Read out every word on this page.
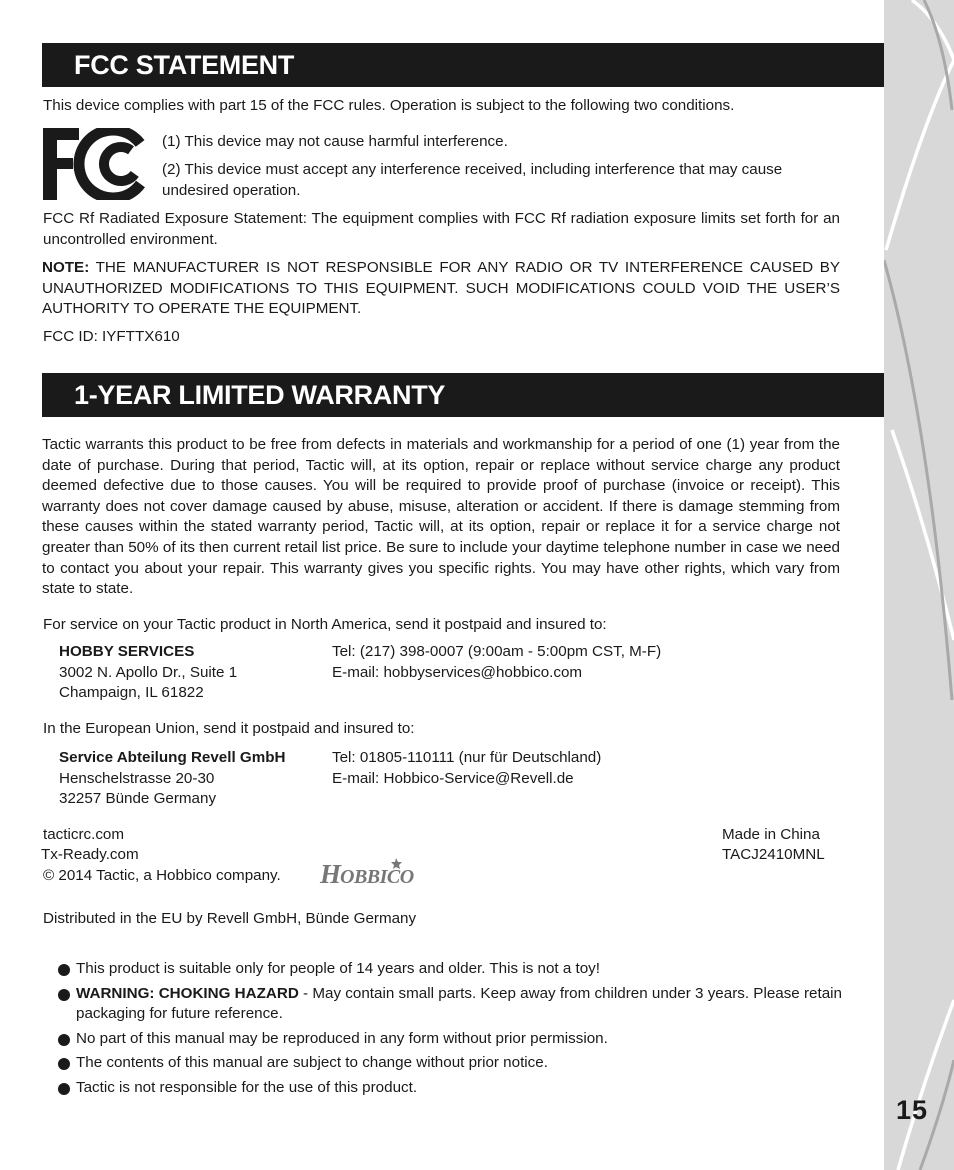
FCC STATEMENT
This device complies with part 15 of the FCC rules. Operation is subject to the following two conditions.
(1) This device may not cause harmful interference.
(2) This device must accept any interference received, including interference that may cause undesired operation.
FCC Rf Radiated Exposure Statement: The equipment complies with FCC Rf radiation exposure limits set forth for an uncontrolled environment.
NOTE: THE MANUFACTURER IS NOT RESPONSIBLE FOR ANY RADIO OR TV INTERFERENCE CAUSED BY UNAUTHORIZED MODIFICATIONS TO THIS EQUIPMENT. SUCH MODIFICATIONS COULD VOID THE USER’S AUTHORITY TO OPERATE THE EQUIPMENT.
FCC ID: IYFTTX610
1-YEAR LIMITED WARRANTY
Tactic warrants this product to be free from defects in materials and workmanship for a period of one (1) year from the date of purchase. During that period, Tactic will, at its option, repair or replace without service charge any product deemed defective due to those causes. You will be required to provide proof of purchase (invoice or receipt). This warranty does not cover damage caused by abuse, misuse, alteration or accident. If there is damage stemming from these causes within the stated warranty period, Tactic will, at its option, repair or replace it for a service charge not greater than 50% of its then current retail list price. Be sure to include your daytime telephone number in case we need to contact you about your repair. This warranty gives you specific rights. You may have other rights, which vary from state to state.
For service on your Tactic product in North America, send it postpaid and insured to:
HOBBY SERVICES
3002 N. Apollo Dr., Suite 1
Champaign, IL 61822
Tel: (217) 398-0007 (9:00am - 5:00pm CST, M-F)
E-mail: hobbyservices@hobbico.com
In the European Union, send it postpaid and insured to:
Service Abteilung Revell GmbH
Henschelstrasse 20-30
32257 Bünde Germany
Tel: 01805-110111 (nur für Deutschland)
E-mail: Hobbico-Service@Revell.de
tacticrc.com
Tx-Ready.com
© 2014 Tactic, a Hobbico company. H OBBICO
Made in China
TACJ2410MNL
Distributed in the EU by Revell GmbH, Bünde Germany
This product is suitable only for people of 14 years and older. This is not a toy!
WARNING: CHOKING HAZARD - May contain small parts. Keep away from children under 3 years. Please retain packaging for future reference.
No part of this manual may be reproduced in any form without prior permission.
The contents of this manual are subject to change without prior notice.
Tactic is not responsible for the use of this product.
15
